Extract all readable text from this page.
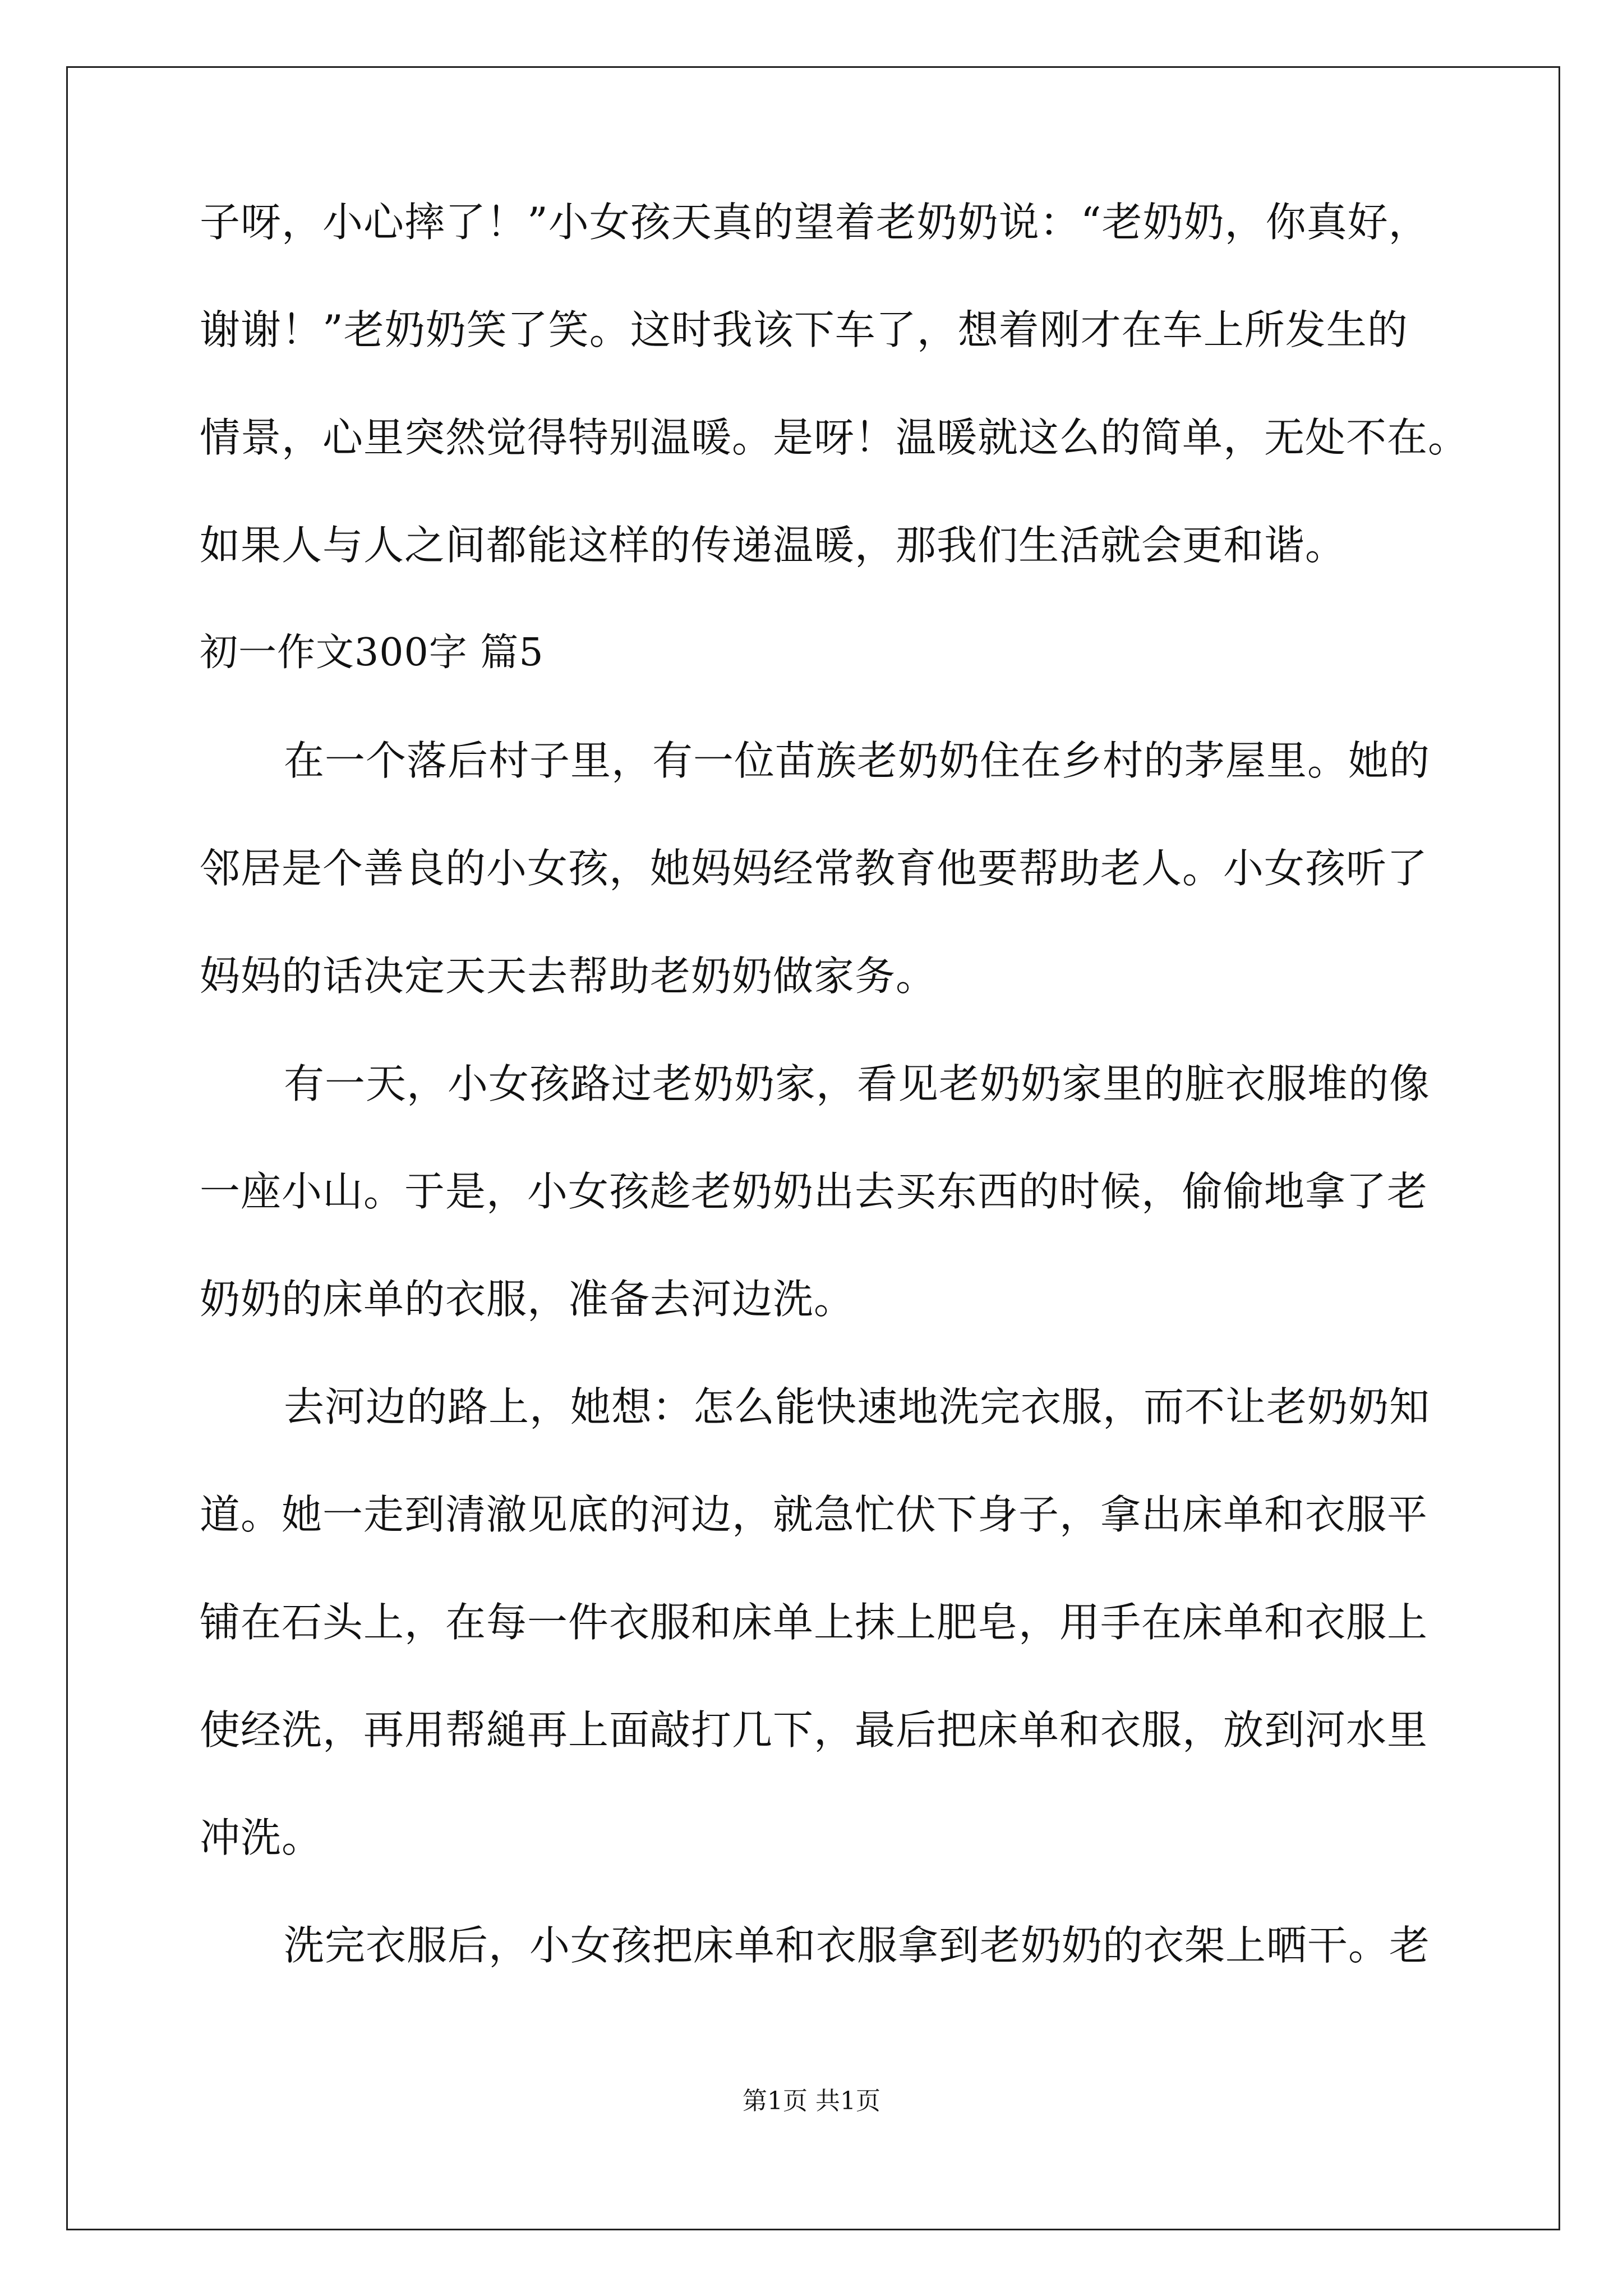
子呀，小心摔了！”小女孩天真的望着老奶奶说：“老奶奶，你真好，
谢谢！”老奶奶笑了笑。这时我该下车了，想着刚才在车上所发生的
情景，心里突然觉得特别温暖。是呀！温暖就这么的简单，无处不在。
如果人与人之间都能这样的传递温暖，那我们生活就会更和谐。
初一作文300字 篇5
在一个落后村子里，有一位苗族老奶奶住在乡村的茅屋里。她的
邻居是个善良的小女孩，她妈妈经常教育他要帮助老人。小女孩听了
妈妈的话决定天天去帮助老奶奶做家务。
有一天，小女孩路过老奶奶家，看见老奶奶家里的脏衣服堆的像
一座小山。于是，小女孩趁老奶奶出去买东西的时候，偷偷地拿了老
奶奶的床单的衣服，准备去河边洗。
去河边的路上，她想：怎么能快速地洗完衣服，而不让老奶奶知
道。她一走到清澈见底的河边，就急忙伏下身子，拿出床单和衣服平
铺在石头上，在每一件衣服和床单上抹上肥皂，用手在床单和衣服上
使经洗，再用帮縋再上面敲打几下，最后把床单和衣服，放到河水里
冲洗。
洗完衣服后，小女孩把床单和衣服拿到老奶奶的衣架上晒干。老
第1页 共1页
